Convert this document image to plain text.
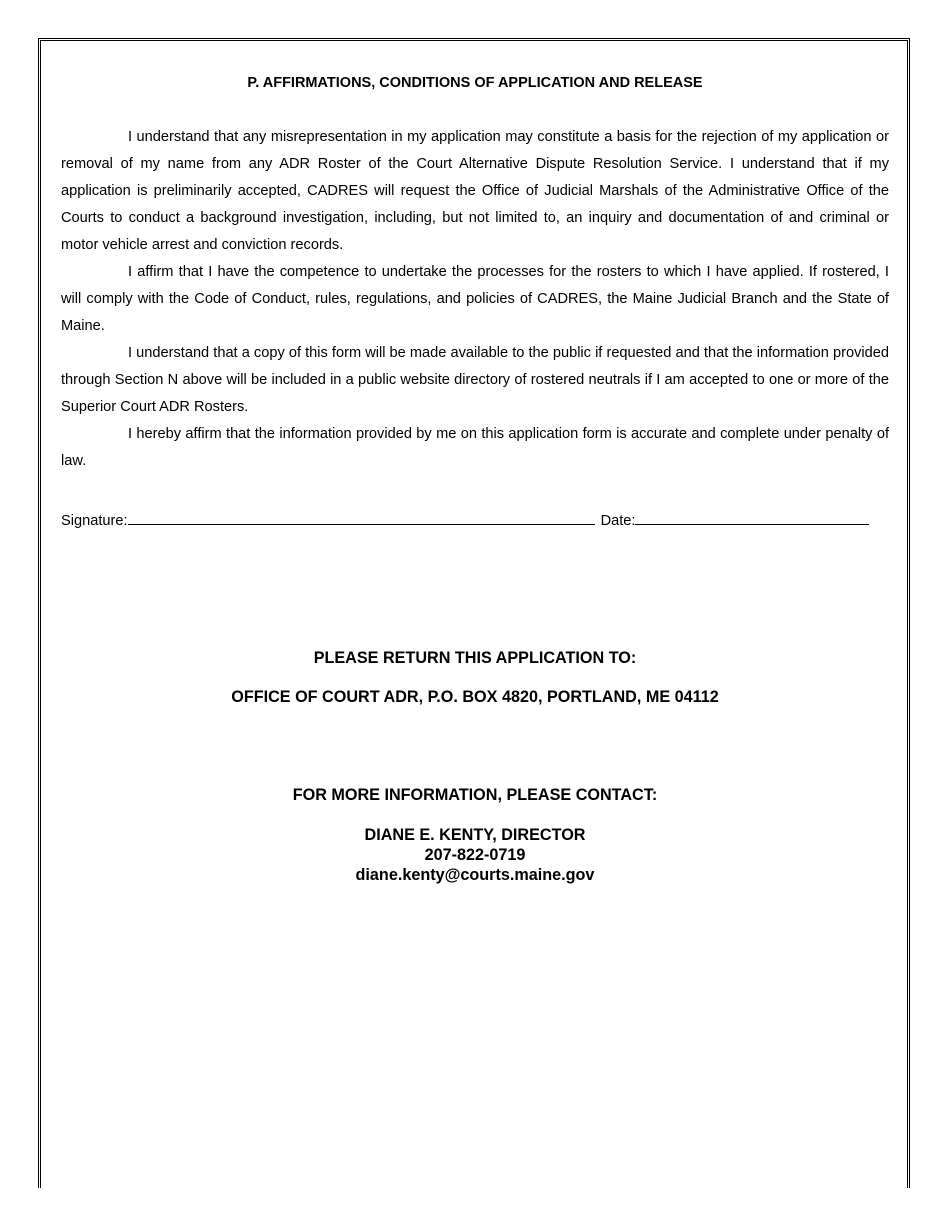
P. AFFIRMATIONS, CONDITIONS OF APPLICATION AND RELEASE

I understand that any misrepresentation in my application may constitute a basis for the rejection of my application or removal of my name from any ADR Roster of the Court Alternative Dispute Resolution Service. I understand that if my application is preliminarily accepted, CADRES will request the Office of Judicial Marshals of the Administrative Office of the Courts to conduct a background investigation, including, but not limited to, an inquiry and documentation of and criminal or motor vehicle arrest and conviction records.

I affirm that I have the competence to undertake the processes for the rosters to which I have applied. If rostered, I will comply with the Code of Conduct, rules, regulations, and policies of CADRES, the Maine Judicial Branch and the State of Maine.

I understand that a copy of this form will be made available to the public if requested and that the information provided through Section N above will be included in a public website directory of rostered neutrals if I am accepted to one or more of the Superior Court ADR Rosters.

I hereby affirm that the information provided by me on this application form is accurate and complete under penalty of law.

Signature:	Date:
PLEASE RETURN THIS APPLICATION TO:
OFFICE OF COURT ADR, P.O. BOX 4820, PORTLAND, ME 04112
FOR MORE INFORMATION, PLEASE CONTACT:
DIANE E. KENTY, DIRECTOR
207-822-0719
diane.kenty@courts.maine.gov
